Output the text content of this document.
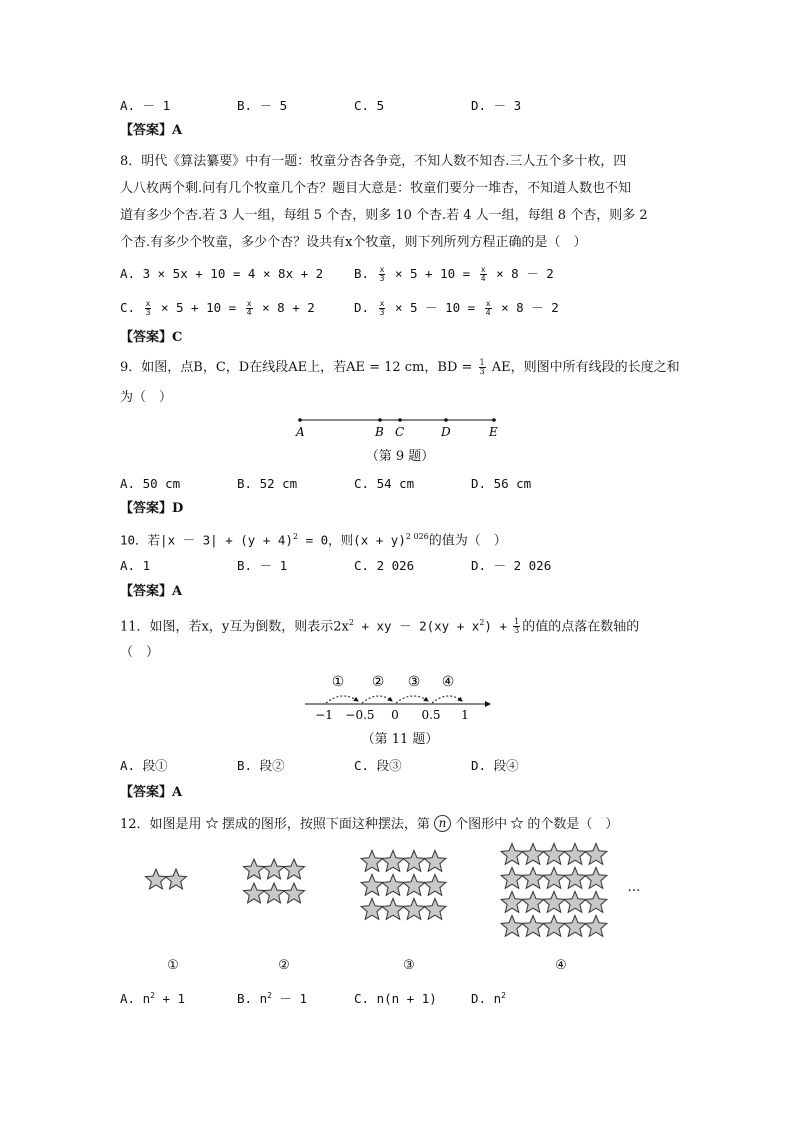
A. － 1	B. － 5	C. 5	D. － 3
【答案】A
8．明代《算法纂要》中有一题：牧童分杏各争竞，不知人数不知杏.三人五个多十枚，四
人八枚两个剩.问有几个牧童几个杏？题目大意是：牧童们要分一堆杏，不知道人数也不知
道有多少个杏.若 3 人一组，每组 5 个杏，则多 10 个杏.若 4 人一组，每组 8 个杏，则多 2
个杏.有多少个牧童，多少个杏？设共有x个牧童，则下列所列方程正确的是（　）
A. 3 × 5x + 10 = 4 × 8x + 2 B. $\frac{x}{3} \times 5 + 10 = \frac{x}{4} \times 8 - 2$
C. $\frac{x}{3} \times 5 + 10 = \frac{x}{4} \times 8 + 2$	D. $\frac{x}{3} \times 5 - 10 = \frac{x}{4} \times 8 - 2$
【答案】C
9．如图，点B，C，D在线段AE上，若AE = 12 cm，BD = $\frac{1}{3}$ AE，则图中所有线段的长度之和
为（　）
A	B C	D	E
（第 9 题）
A. 50 cm	B. 52 cm	C. 54 cm	D. 56 cm
【答案】D
10．若$|x - 3| + (y + 4)^2 = 0$，则$(x + y)^{2 026}$的值为（　）
A. 1	B. － 1	C. 2 026	D. － 2 026
【答案】A
11．如图，若x，y互为倒数，则表示$2x^2$ + xy － $2(xy + x^2) + \frac{1}{3}$ 的值的点落在数轴的
（　）
① ② ③ ④
−1 −0.5 0 0.5 1
（第 11 题）
A. 段①	B. 段②	C. 段③	D. 段④
【答案】A
12．如图是用 摆成的图形，按照下面这种摆法，第 n 个图形中 的个数是（　）
①	②	③	④
…
A. $n^2 + 1$	B. $n^2 - 1$	C. n(n + 1)	D. $n^2$
